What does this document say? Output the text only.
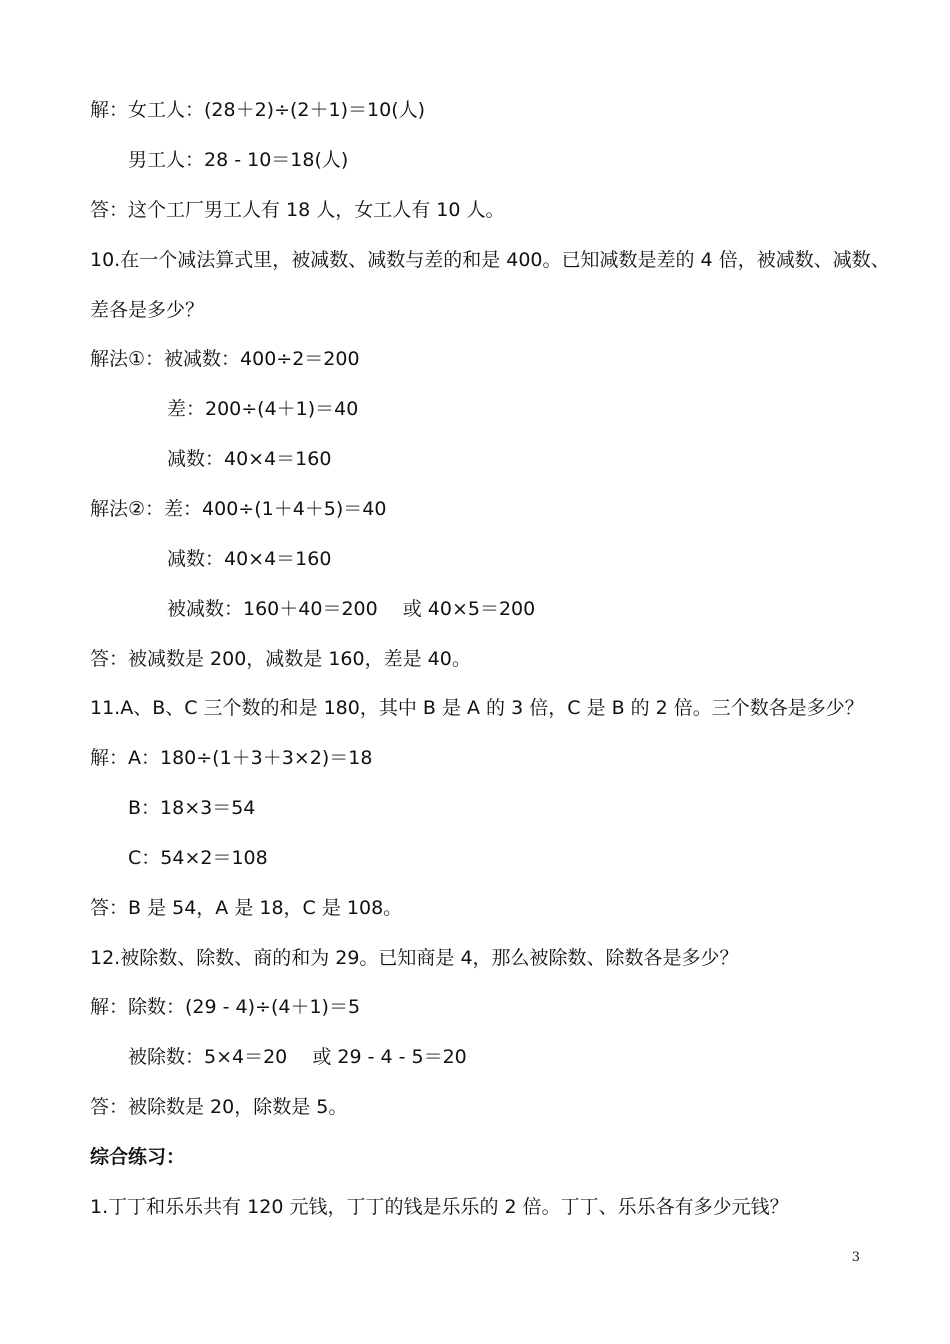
解：女工人：(28＋2)÷(2＋1)＝10(人)
男工人：28 - 10＝18(人)
答：这个工厂男工人有 18 人，女工人有 10 人。
10.在一个减法算式里，被减数、减数与差的和是 400。已知减数是差的 4 倍，被减数、减数、
差各是多少？
解法①：被减数：400÷2＝200
差：200÷(4＋1)＝40
减数：40×4＝160
解法②：差：400÷(1＋4＋5)＝40
减数：40×4＝160
被减数：160＋40＝200　 或 40×5＝200
答：被减数是 200，减数是 160，差是 40。
11.A、B、C 三个数的和是 180，其中 B 是 A 的 3 倍，C 是 B 的 2 倍。三个数各是多少？
解：A：180÷(1＋3＋3×2)＝18
B：18×3＝54
C：54×2＝108
答：B 是 54，A 是 18，C 是 108。
12.被除数、除数、商的和为 29。已知商是 4，那么被除数、除数各是多少？
解：除数：(29 - 4)÷(4＋1)＝5
被除数：5×4＝20　 或 29 - 4 - 5＝20
答：被除数是 20，除数是 5。
综合练习：
1.丁丁和乐乐共有 120 元钱，丁丁的钱是乐乐的 2 倍。丁丁、乐乐各有多少元钱？
3
